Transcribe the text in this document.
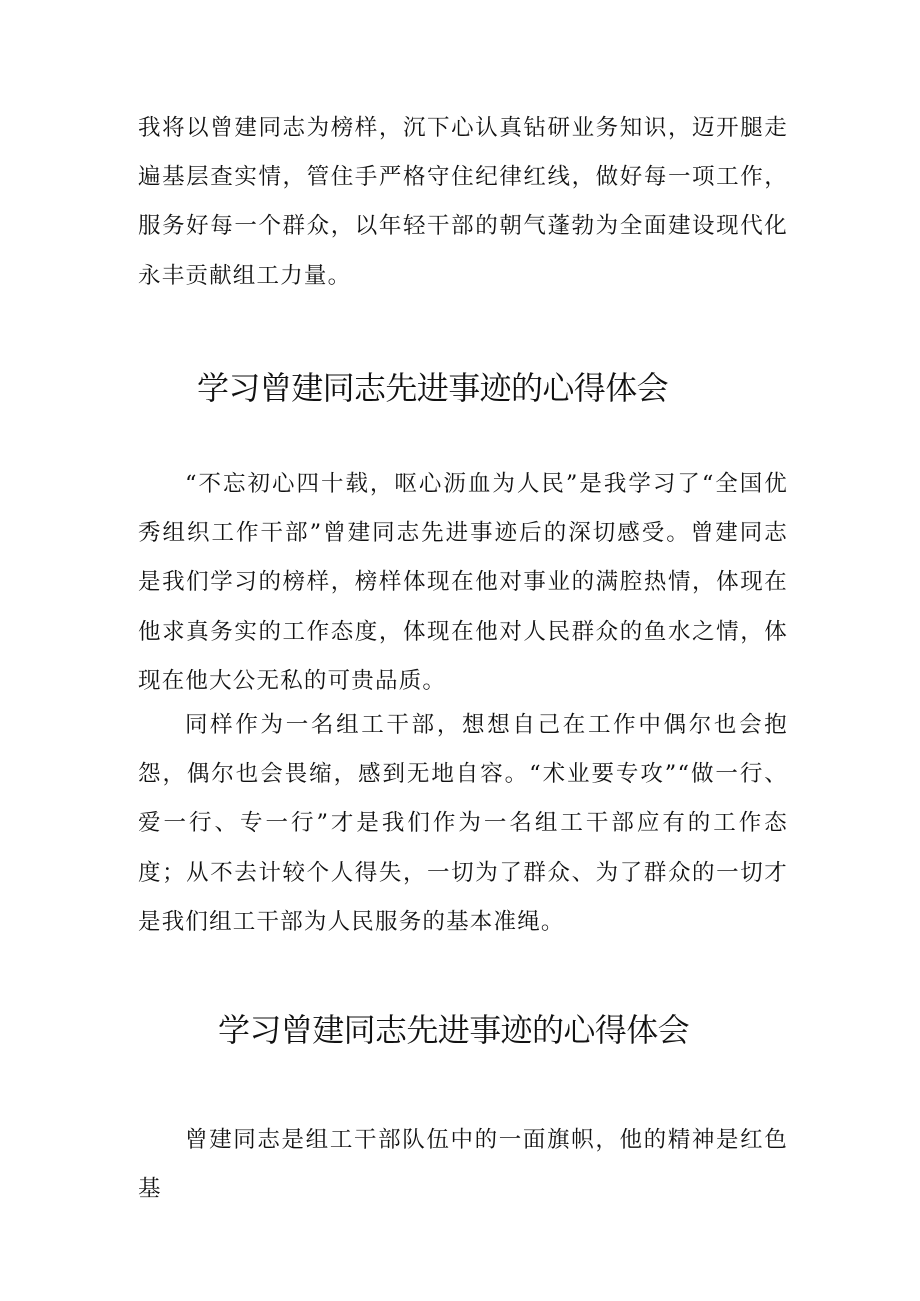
我将以曾建同志为榜样，沉下心认真钻研业务知识，迈开腿走遍基层查实情，管住手严格守住纪律红线，做好每一项工作，服务好每一个群众，以年轻干部的朝气蓬勃为全面建设现代化永丰贡献组工力量。

学习曾建同志先进事迹的心得体会

“不忘初心四十载，呕心沥血为人民”是我学习了“全国优秀组织工作干部”曾建同志先进事迹后的深切感受。曾建同志是我们学习的榜样，榜样体现在他对事业的满腔热情，体现在他求真务实的工作态度，体现在他对人民群众的鱼水之情，体现在他大公无私的可贵品质。

同样作为一名组工干部，想想自己在工作中偶尔也会抱怨，偶尔也会畏缩，感到无地自容。“术业要专攻”“做一行、爱一行、专一行”才是我们作为一名组工干部应有的工作态度；从不去计较个人得失，一切为了群众、为了群众的一切才是我们组工干部为人民服务的基本准绳。

学习曾建同志先进事迹的心得体会

曾建同志是组工干部队伍中的一面旗帜，他的精神是红色基
